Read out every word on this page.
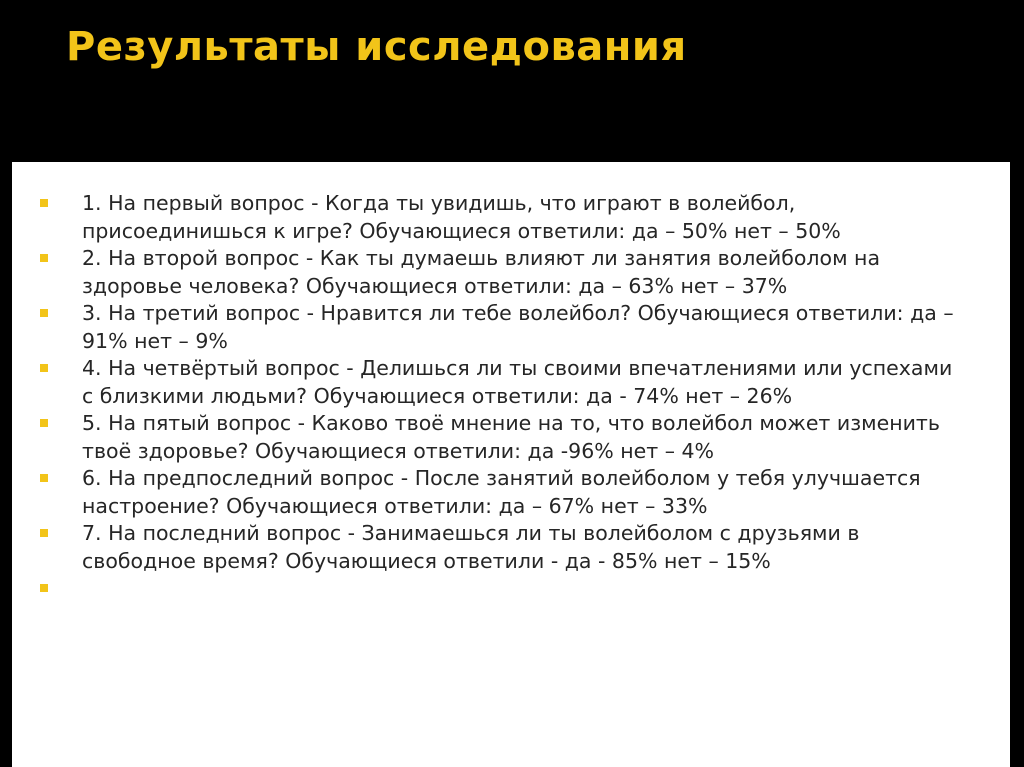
Результаты исследования
1. На первый вопрос - Когда ты увидишь, что играют в волейбол, присоединишься к игре? Обучающиеся ответили: да – 50% нет – 50%
2. На второй вопрос - Как ты думаешь влияют ли занятия волейболом на здоровье человека? Обучающиеся ответили: да – 63% нет – 37%
3. На третий вопрос - Нравится ли тебе волейбол? Обучающиеся ответили: да – 91% нет – 9%
4. На четвёртый вопрос - Делишься ли ты своими впечатлениями или успехами с близкими людьми? Обучающиеся ответили: да - 74% нет – 26%
5. На пятый вопрос - Каково твоё мнение на то, что волейбол может изменить твоё здоровье? Обучающиеся ответили: да -96% нет – 4%
6. На предпоследний вопрос - После занятий волейболом у тебя улучшается настроение? Обучающиеся ответили: да – 67% нет – 33%
7. На последний вопрос - Занимаешься ли ты волейболом с друзьями в свободное время? Обучающиеся ответили - да - 85% нет – 15%
